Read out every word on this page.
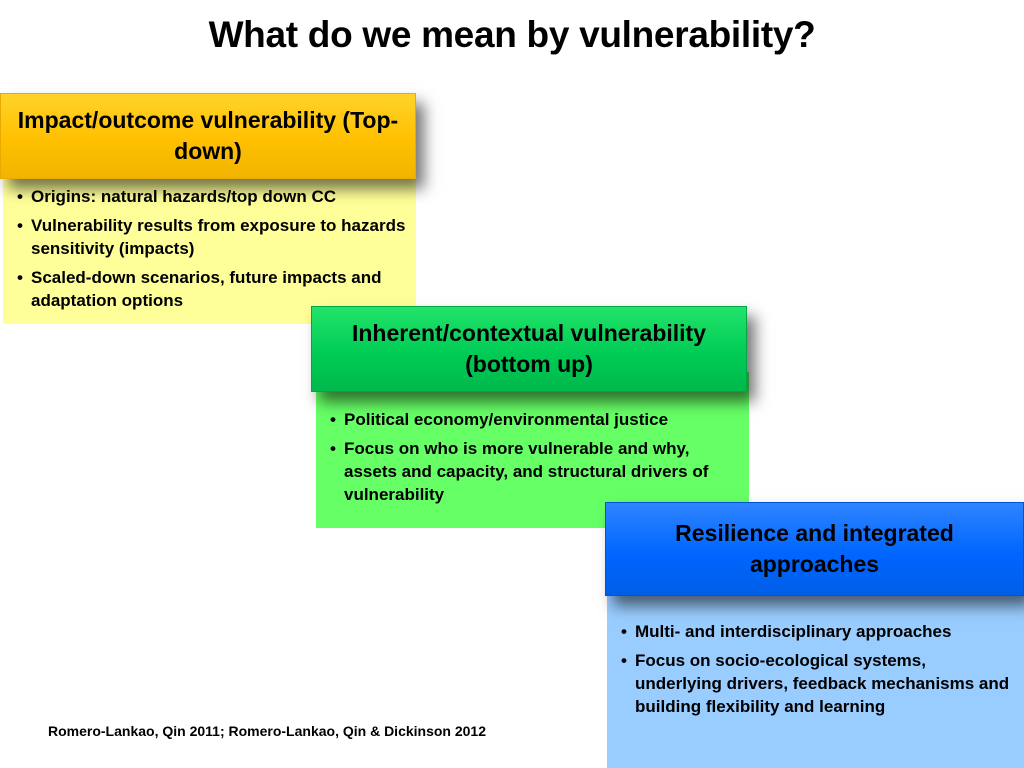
What do we mean by vulnerability?
• Origins: natural hazards/top down CC
• Vulnerability results from exposure to hazards sensitivity (impacts)
• Scaled-down scenarios, future impacts and adaptation options
Impact/outcome vulnerability (Top-down)
• Political economy/environmental justice
• Focus on who is more vulnerable and why, assets and capacity, and structural drivers of vulnerability
Inherent/contextual vulnerability (bottom up)
• Multi- and interdisciplinary approaches
• Focus on socio-ecological systems, underlying drivers, feedback mechanisms and building flexibility and learning
Resilience and integrated approaches
Romero-Lankao, Qin 2011; Romero-Lankao, Qin & Dickinson 2012
